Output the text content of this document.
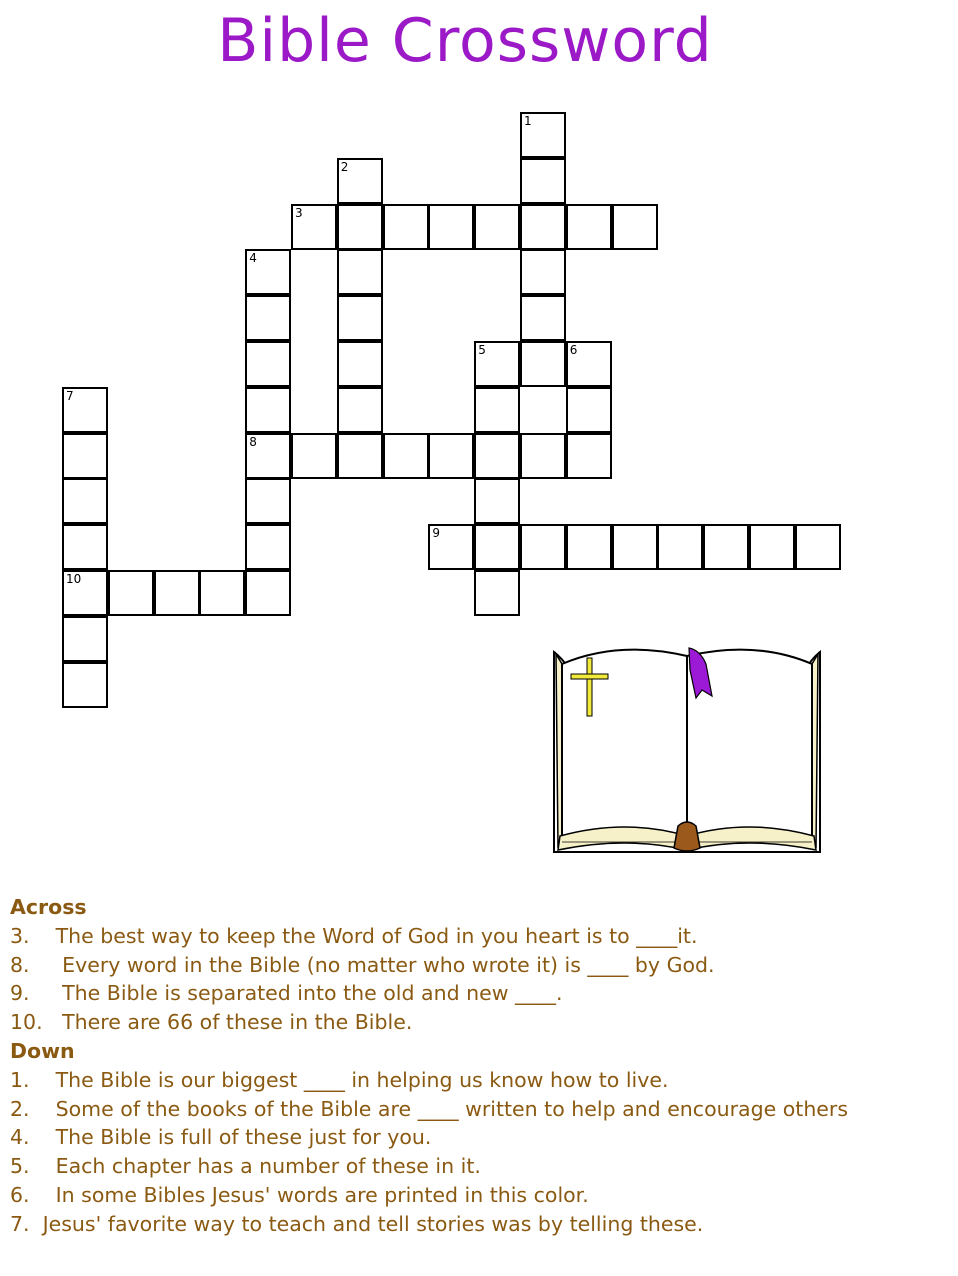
Bible Crossword
1
2
3
4
5	6
7
8
9
10
Across
3.    The best way to keep the Word of God in you heart is to ____it.
8.     Every word in the Bible (no matter who wrote it) is ____ by God.
9.     The Bible is separated into the old and new ____.
10.   There are 66 of these in the Bible.
Down
1.    The Bible is our biggest ____ in helping us know how to live.
2.    Some of the books of the Bible are ____ written to help and encourage others
4.    The Bible is full of these just for you.
5.    Each chapter has a number of these in it.
6.    In some Bibles Jesus' words are printed in this color.
7.  Jesus' favorite way to teach and tell stories was by telling these.
